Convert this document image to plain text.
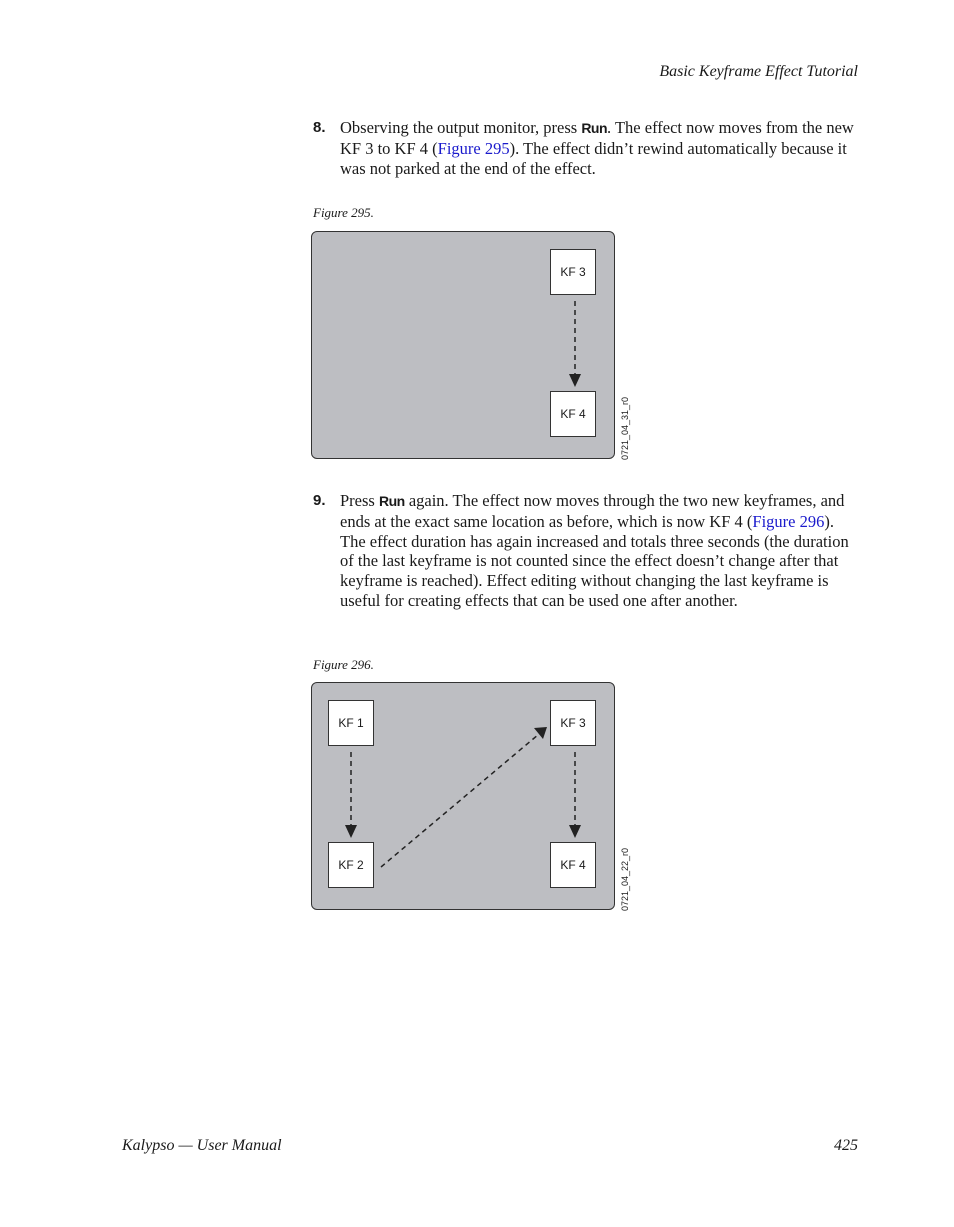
Basic Keyframe Effect Tutorial
8. Observing the output monitor, press Run. The effect now moves from the new KF 3 to KF 4 (Figure 295). The effect didn’t rewind automatically because it was not parked at the end of the effect.
Figure 295.
KF 3
KF 4	0721_04_31_r0
9. Press Run again. The effect now moves through the two new keyframes, and ends at the exact same location as before, which is now KF 4 (Figure 296). The effect duration has again increased and totals three seconds (the duration of the last keyframe is not counted since the effect doesn’t change after that keyframe is reached). Effect editing without changing the last keyframe is useful for creating effects that can be used one after another.
Figure 296.
KF 1	KF 3
KF 2	KF 4	0721_04_22_r0
Kalypso — User Manual	425
